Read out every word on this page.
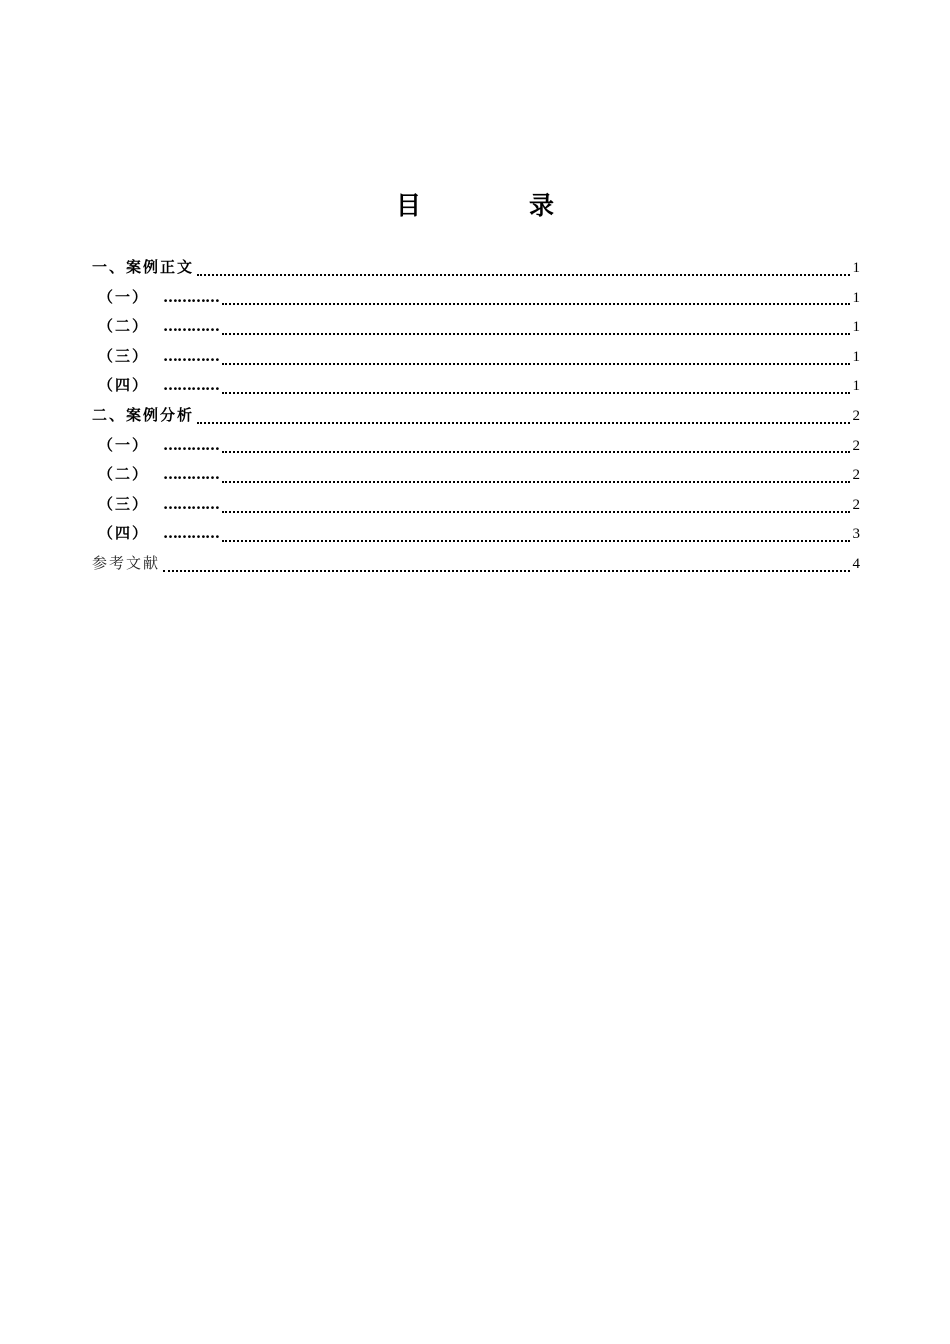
目	录
一、案例正文	1
（一） …………	1
（二） …………	1
（三） …………	1
（四） …………	1
二、案例分析	2
（一） …………	2
（二） …………	2
（三） …………	2
（四） …………	3
参考文献	4
